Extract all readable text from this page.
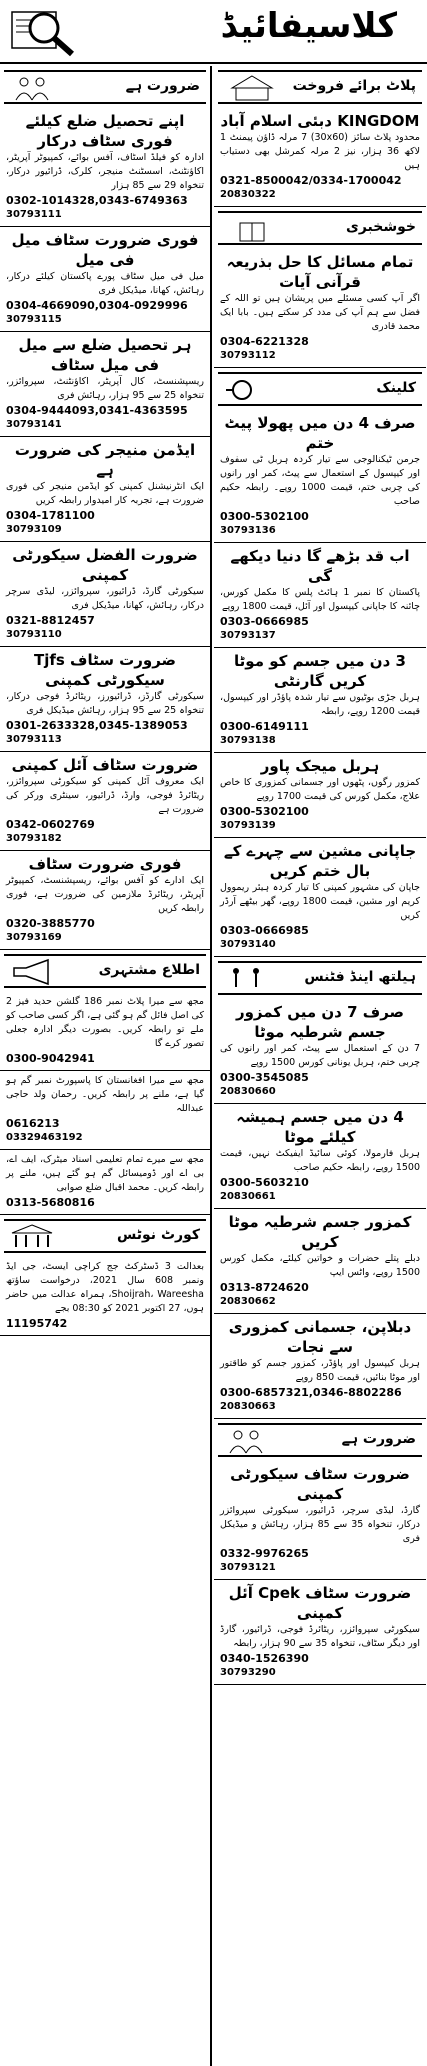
کلاسیفائیڈ
پلاٹ برائے فروخت
KINGDOM دبئی اسلام آباد
محدود پلاٹ سائز (30x60) 7 مرلہ ڈاؤن پیمنٹ 1 لاکھ 36 ہزار، نیز 2 مرلہ کمرشل بھی دستیاب ہیں
0321-8500042/0334-1700042
20830322
خوشخبری
تمام مسائل کا حل بذریعہ قرآنی آیات
اگر آپ کسی مسئلے میں پریشان ہیں تو اللہ کے فضل سے ہم آپ کی مدد کر سکتے ہیں۔ بابا ایک محمد قادری
0304-6221328
30793112
کلینک
صرف 4 دن میں پھولا پیٹ ختم
جرمن ٹیکنالوجی سے تیار کردہ ہربل ٹی سفوف اور کیپسول کے استعمال سے پیٹ، کمر اور رانوں کی چربی ختم، قیمت 1000 روپے۔ رابطہ حکیم صاحب
0300-5302100
30793136
اب قد بڑھے گا دنیا دیکھے گی
پاکستان کا نمبر 1 ہائٹ پلس کا مکمل کورس، چائنہ کا جاپانی کیپسول اور آئل، قیمت 1800 روپے
0303-0666985
30793137
3 دن میں جسم کو موٹا کریں گارنٹی
ہربل جڑی بوٹیوں سے تیار شدہ پاؤڈر اور کیپسول، قیمت 1200 روپے، رابطہ
0300-6149111
30793138
ہربل میجک پاور
کمزور رگوں، پٹھوں اور جسمانی کمزوری کا خاص علاج، مکمل کورس کی قیمت 1700 روپے
0300-5302100
30793139
جاپانی مشین سے چہرے کے بال ختم کریں
جاپان کی مشہور کمپنی کا تیار کردہ ہیئر ریموول کریم اور مشین، قیمت 1800 روپے، گھر بیٹھے آرڈر کریں
0303-0666985
30793140
ہیلتھ اینڈ فٹنس
صرف 7 دن میں کمزور جسم شرطیہ موٹا
7 دن کے استعمال سے پیٹ، کمر اور رانوں کی چربی ختم، ہربل یونانی کورس 1500 روپے
0300-3545085
20830660
4 دن میں جسم ہمیشہ کیلئے موٹا
ہربل فارمولا، کوئی سائیڈ ایفیکٹ نہیں، قیمت 1500 روپے، رابطہ حکیم صاحب
0300-5603210
20830661
کمزور جسم شرطیہ موٹا کریں
دبلے پتلے حضرات و خواتین کیلئے، مکمل کورس 1500 روپے، واٹس ایپ
0313-8724620
20830662
دبلاپن، جسمانی کمزوری سے نجات
ہربل کیپسول اور پاؤڈر، کمزور جسم کو طاقتور اور موٹا بنائیں، قیمت 850 روپے
0300-6857321,0346-8802286
20830663
ضرورت ہے
ضرورت سٹاف سیکورٹی کمپنی
گارڈ، لیڈی سرچر، ڈرائیور، سیکورٹی سپروائزر درکار، تنخواہ 35 سے 85 ہزار، رہائش و میڈیکل فری
0332-9976265
30793121
ضرورت سٹاف Cpek آئل کمپنی
سیکورٹی سپروائزر، ریٹائرڈ فوجی، ڈرائیور، گارڈ اور دیگر سٹاف، تنخواہ 35 سے 90 ہزار، رابطہ
0340-1526390
30793290
ضرورت ہے
اپنے تحصیل ضلع کیلئے فوری سٹاف درکار
ادارہ کو فیلڈ اسٹاف، آفس بوائے، کمپیوٹر آپریٹر، اکاؤنٹنٹ، اسسٹنٹ منیجر، کلرک، ڈرائیور درکار، تنخواہ 29 سے 85 ہزار
0302-1014328,0343-6749363
30793111
فوری ضرورت سٹاف میل فی میل
میل فی میل سٹاف پورے پاکستان کیلئے درکار، رہائش، کھانا، میڈیکل فری
0304-4669090,0304-0929996
30793115
ہر تحصیل ضلع سے میل فی میل سٹاف
ریسپشنسٹ، کال آپریٹر، اکاؤنٹنٹ، سپروائزر، تنخواہ 25 سے 95 ہزار، رہائش فری
0304-9444093,0341-4363595
30793141
ایڈمن منیجر کی ضرورت ہے
ایک انٹرنیشنل کمپنی کو ایڈمن منیجر کی فوری ضرورت ہے، تجربہ کار امیدوار رابطہ کریں
0304-1781100
30793109
ضرورت الفضل سیکورٹی کمپنی
سیکورٹی گارڈ، ڈرائیور، سپروائزر، لیڈی سرچر درکار، رہائش، کھانا، میڈیکل فری
0321-8812457
30793110
ضرورت سٹاف Tjfs سیکورٹی کمپنی
سیکورٹی گارڈز، ڈرائیورز، ریٹائرڈ فوجی درکار، تنخواہ 25 سے 95 ہزار، رہائش میڈیکل فری
0301-2633328,0345-1389053
30793113
ضرورت سٹاف آئل کمپنی
ایک معروف آئل کمپنی کو سیکورٹی سپروائزر، ریٹائرڈ فوجی، وارڈ، ڈرائیور، سینٹری ورکر کی ضرورت ہے
0342-0602769
30793182
فوری ضرورت سٹاف
ایک ادارے کو آفس بوائے، ریسپشنسٹ، کمپیوٹر آپریٹر، ریٹائرڈ ملازمین کی ضرورت ہے، فوری رابطہ کریں
0320-3885770
30793169
اطلاع مشتہری
مجھ سے میرا پلاٹ نمبر 186 گلشن حدید فیز 2 کی اصل فائل گم ہو گئی ہے، اگر کسی صاحب کو ملے تو رابطہ کریں۔ بصورت دیگر ادارہ جعلی تصور کرے گا
0300-9042941
مجھ سے میرا افغانستان کا پاسپورٹ نمبر گم ہو گیا ہے، ملنے پر رابطہ کریں۔ رحمان ولد حاجی عبداللہ
0616213
03329463192
مجھ سے میرے تمام تعلیمی اسناد میٹرک، ایف اے، بی اے اور ڈومیسائل گم ہو گئے ہیں، ملنے پر رابطہ کریں۔ محمد اقبال ضلع صوابی
0313-5680816
کورٹ نوٹس
بعدالت 3 ڈسٹرکٹ جج کراچی ایسٹ، جی ایڈ ونمبر 608 سال 2021، درخواست ساؤتھ Shoijrah، Wareesha، ہمراہ عدالت میں حاضر ہوں، 27 اکتوبر 2021 کو 08:30 بجے
11195742
